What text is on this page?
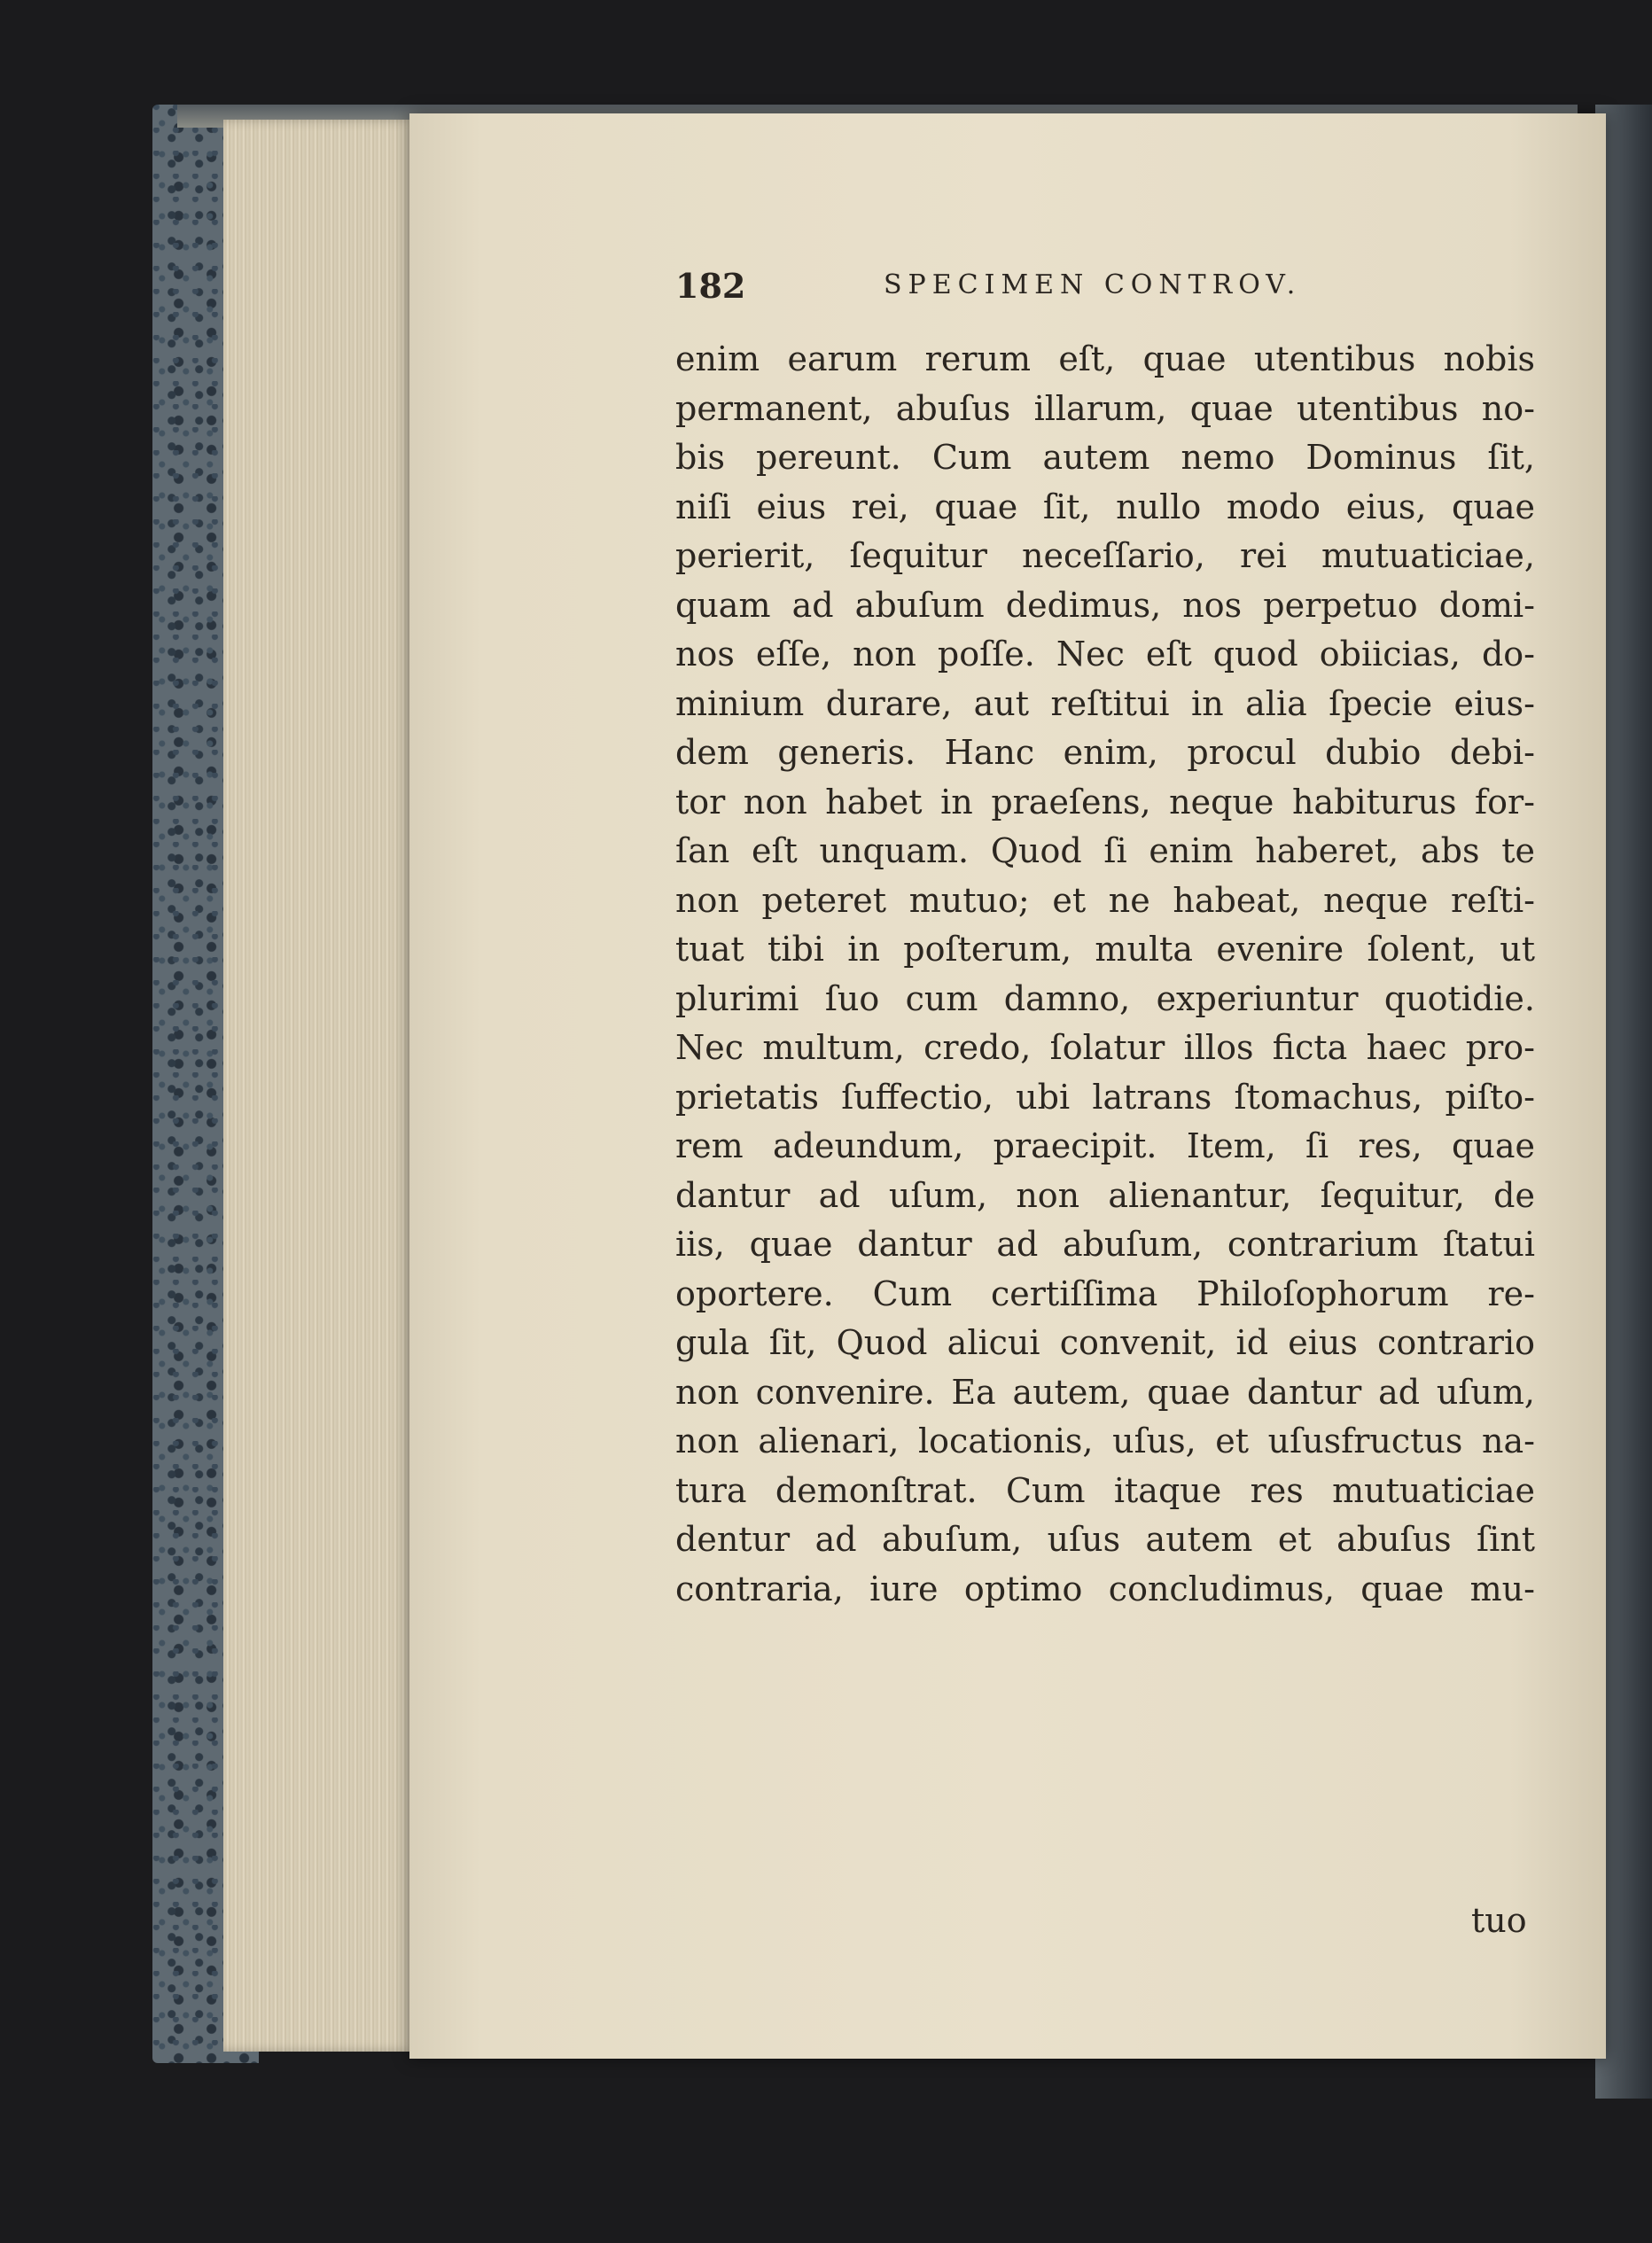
182	SPECIMEN CONTROV.
enim earum rerum eſt, quae utentibus nobis
permanent, abuſus illarum, quae utentibus no-
bis pereunt. Cum autem nemo Dominus ſit,
niſi eius rei, quae ſit, nullo modo eius, quae
perierit, ſequitur neceſſario, rei mutuaticiae,
quam ad abuſum dedimus, nos perpetuo domi-
nos eſſe, non poſſe. Nec eſt quod obiicias, do-
minium durare, aut reſtitui in alia ſpecie eius-
dem generis. Hanc enim, procul dubio debi-
tor non habet in praeſens, neque habiturus for-
ſan eſt unquam. Quod ſi enim haberet, abs te
non peteret mutuo; et ne habeat, neque reſti-
tuat tibi in poſterum, multa evenire ſolent, ut
plurimi ſuo cum damno, experiuntur quotidie.
Nec multum, credo, ſolatur illos ficta haec pro-
prietatis ſuffectio, ubi latrans ſtomachus, piſto-
rem adeundum, praecipit. Item, ſi res, quae
dantur ad uſum, non alienantur, ſequitur, de
iis, quae dantur ad abuſum, contrarium ſtatui
oportere. Cum certiſſima Philoſophorum re-
gula ſit, Quod alicui convenit, id eius contrario
non convenire. Ea autem, quae dantur ad uſum,
non alienari, locationis, uſus, et uſusfructus na-
tura demonſtrat. Cum itaque res mutuaticiae
dentur ad abuſum, uſus autem et abuſus ſint
contraria, iure optimo concludimus, quae mu-
tuo
